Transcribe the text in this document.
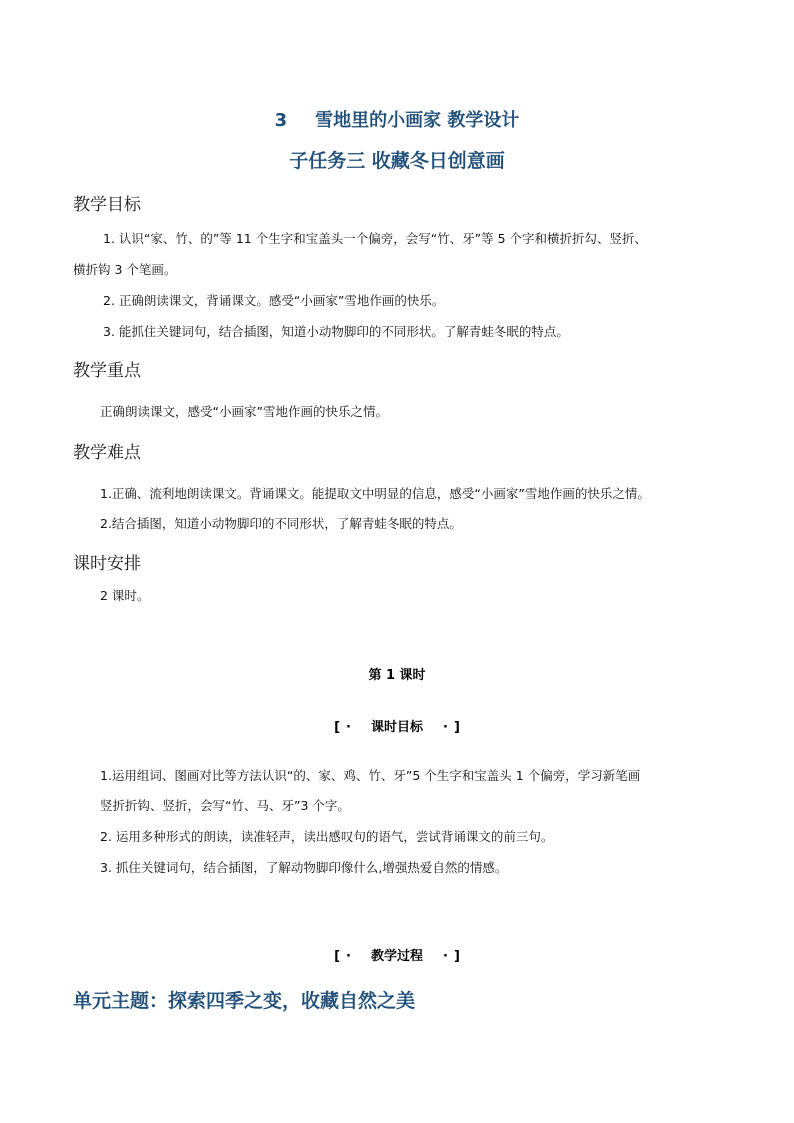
3 雪地里的小画家 教学设计
子任务三 收藏冬日创意画
教学目标
1. 认识“家、竹、的”等 11 个生字和宝盖头一个偏旁，会写“竹、牙”等 5 个字和横折折勾、竖折、
横折钩 3 个笔画。
2. 正确朗读课文，背诵课文。感受“小画家”雪地作画的快乐。
3. 能抓住关键词句，结合插图，知道小动物脚印的不同形状。了解青蛙冬眠的特点。
教学重点
正确朗读课文，感受“小画家”雪地作画的快乐之情。
教学难点
1.正确、流利地朗读课文。背诵课文。能提取文中明显的信息，感受“小画家”雪地作画的快乐之情。
2.结合插图，知道小动物脚印的不同形状，了解青蛙冬眠的特点。
课时安排
2 课时。
第 1 课时
[ · 课时目标 · ]
1.运用组词、图画对比等方法认识“的、家、鸡、竹、牙”5 个生字和宝盖头 1 个偏旁，学习新笔画
竖折折钩、竖折，会写“竹、马、牙”3 个字。
2. 运用多种形式的朗读，读准轻声，读出感叹句的语气，尝试背诵课文的前三句。
3. 抓住关键词句，结合插图，了解动物脚印像什么,增强热爱自然的情感。
[ · 教学过程 · ]
单元主题：探索四季之变，收藏自然之美
